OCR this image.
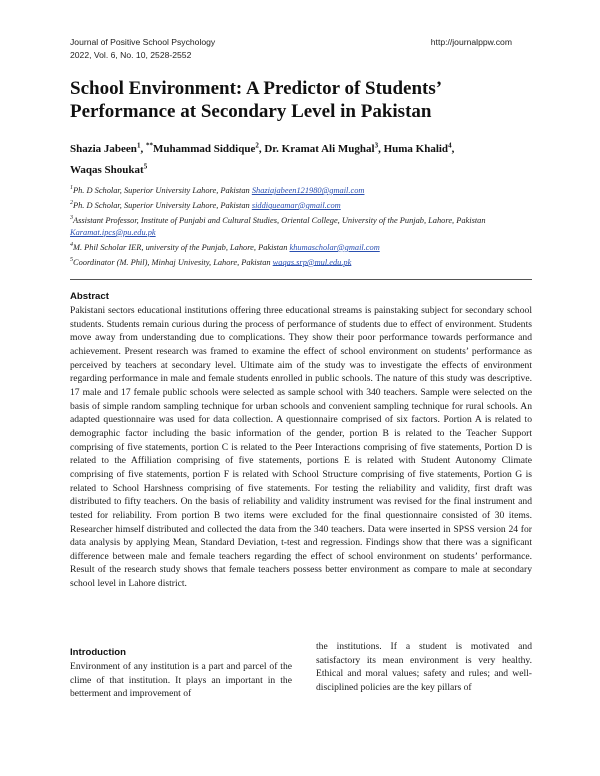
Journal of Positive School Psychology
2022, Vol. 6, No. 10, 2528-2552
http://journalppw.com
School Environment: A Predictor of Students’
Performance at Secondary Level in Pakistan
Shazia Jabeen$^1$, **Muhammad Siddique$^2$, Dr. Kramat Ali Mughal$^3$, Huma Khalid$^4$,
Waqas Shoukat$^5$
$^1$Ph. D Scholar, Superior University Lahore, Pakistan Shaziajabeen121980@gmail.com
$^2$Ph. D Scholar, Superior University Lahore, Pakistan siddiqueamar@gmail.com
$^3$Assistant Professor, Institute of Punjabi and Cultural Studies, Oriental College, University of the Punjab, Lahore, Pakistan Karamat.ipcs@pu.edu.pk
$^4$M. Phil Scholar IER, university of the Punjab, Lahore, Pakistan khumascholar@gmail.com
$^5$Coordinator (M. Phil), Minhaj Univesity, Lahore, Pakistan waqas.srp@mul.edu.pk
Abstract
Pakistani sectors educational institutions offering three educational streams is painstaking subject for secondary school students. Students remain curious during the process of performance of students due to effect of environment. Students move away from understanding due to complications. They show their poor performance towards performance and achievement. Present research was framed to examine the effect of school environment on students’ performance as perceived by teachers at secondary level. Ultimate aim of the study was to investigate the effects of environment regarding performance in male and female students enrolled in public schools. The nature of this study was descriptive. 17 male and 17 female public schools were selected as sample school with 340 teachers. Sample were selected on the basis of simple random sampling technique for urban schools and convenient sampling technique for rural schools. An adapted questionnaire was used for data collection. A questionnaire comprised of six factors. Portion A is related to demographic factor including the basic information of the gender, portion B is related to the Teacher Support comprising of five statements, portion C is related to the Peer Interactions comprising of five statements, Portion D is related to the Affiliation comprising of five statements, portions E is related with Student Autonomy Climate comprising of five statements, portion F is related with School Structure comprising of five statements, Portion G is related to School Harshness comprising of five statements. For testing the reliability and validity, first draft was distributed to fifty teachers. On the basis of reliability and validity instrument was revised for the final instrument and tested for reliability. From portion B two items were excluded for the final questionnaire consisted of 30 items. Researcher himself distributed and collected the data from the 340 teachers. Data were inserted in SPSS version 24 for data analysis by applying Mean, Standard Deviation, t-test and regression. Findings show that there was a significant difference between male and female teachers regarding the effect of school environment on students’ performance. Result of the research study shows that female teachers possess better environment as compare to male at secondary school level in Lahore district.
Introduction
Environment of any institution is a part and parcel of the clime of that institution. It plays an important in the betterment and improvement of
the institutions. If a student is motivated and satisfactory its mean environment is very healthy. Ethical and moral values; safety and rules; and well-disciplined policies are the key pillars of
